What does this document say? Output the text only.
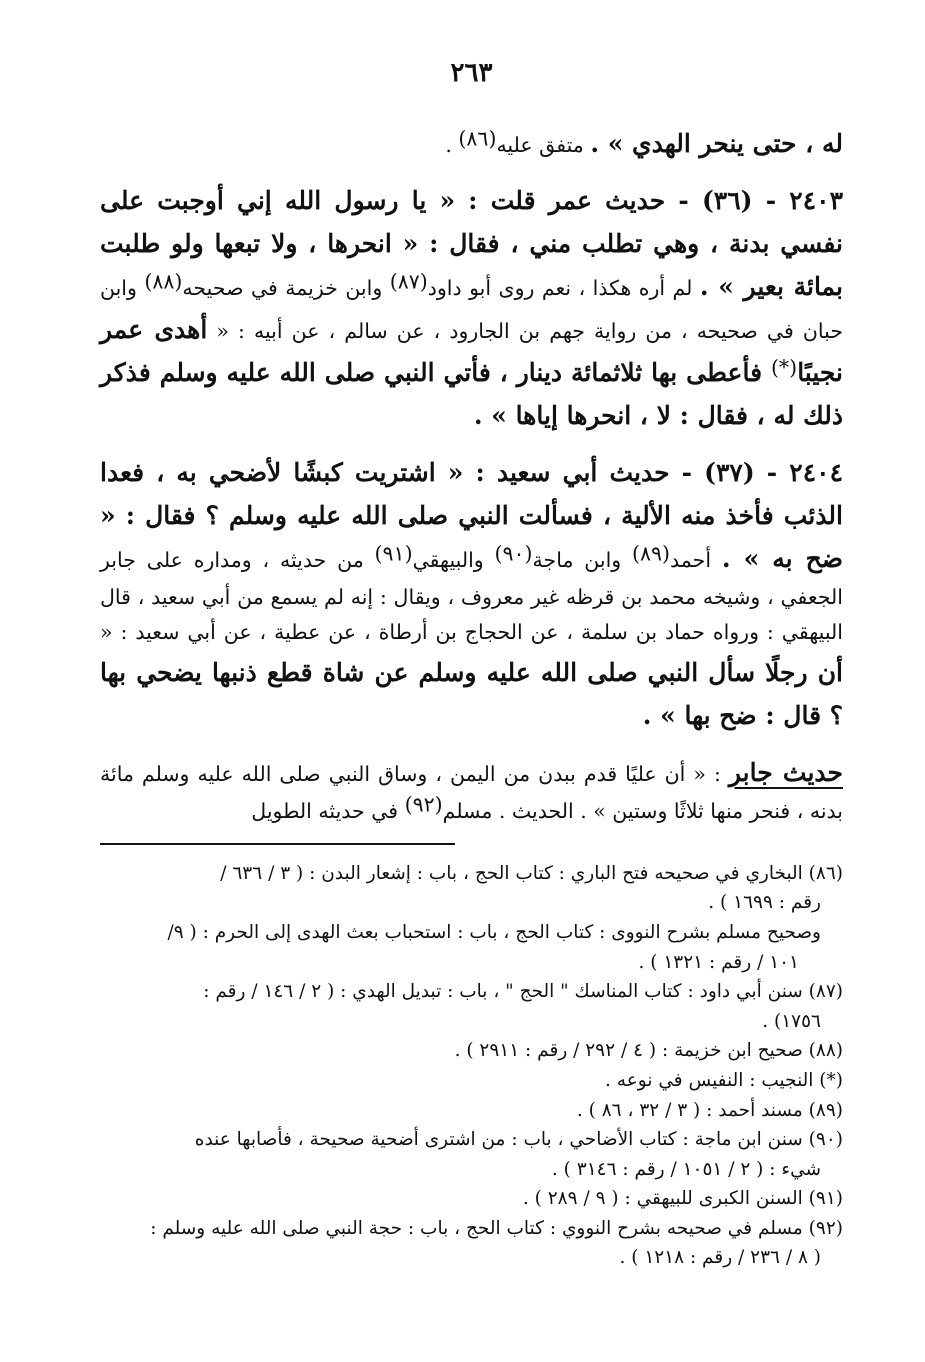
٢٦٣

له ، حتى ينحر الهدي » . متفق عليه$^{(٨٦)}$ .

٢٤٠٣ - (٣٦) - حديث عمر قلت : « يا رسول الله إني أوجبت على نفسي بدنة ، وهي تطلب مني ، فقال : « انحرها ، ولا تبعها ولو طلبت بمائة بعير » . لم أره هكذا ، نعم روى أبو داود$^{(٨٧)}$ وابن خزيمة في صحيحه$^{(٨٨)}$ وابن حبان في صحيحه ، من رواية جهم بن الجارود ، عن سالم ، عن أبيه : « أهدى عمر نجيبًا(*) فأعطى بها ثلاثمائة دينار ، فأتي النبي صلى الله عليه وسلم فذكر ذلك له ، فقال : لا ، انحرها إياها » .

٢٤٠٤ - (٣٧) - حديث أبي سعيد : « اشتريت كبشًا لأضحي به ، فعدا الذئب فأخذ منه الألية ، فسألت النبي صلى الله عليه وسلم ؟ فقال : « ضح به » . أحمد$^{(٨٩)}$ وابن ماجة$^{(٩٠)}$ والبيهقي$^{(٩١)}$ من حديثه ، ومداره على جابر الجعفي ، وشيخه محمد بن قرظه غير معروف ، ويقال : إنه لم يسمع من أبي سعيد ، قال البيهقي : ورواه حماد بن سلمة ، عن الحجاج بن أرطاة ، عن عطية ، عن أبي سعيد : « أن رجلًا سأل النبي صلى الله عليه وسلم عن شاة قطع ذنبها يضحي بها ؟ قال : ضح بها » .

حديث جابر : « أن عليًا قدم ببدن من اليمن ، وساق النبي صلى الله عليه وسلم مائة بدنه ، فنحر منها ثلاثًا وستين » . الحديث . مسلم$^{(٩٢)}$ في حديثه الطويل

(٨٦) البخاري في صحيحه فتح الباري : كتاب الحج ، باب : إشعار البدن : ( ٣ / ٦٣٦ /
رقم : ١٦٩٩ ) .

وصحيح مسلم بشرح النووى : كتاب الحج ، باب : استحباب بعث الهدى إلى الحرم : ( ٩/
١٠١ / رقم : ١٣٢١ ) .

(٨٧) سنن أبي داود : كتاب المناسك " الحج " ، باب : تبديل الهدي : ( ٢ / ١٤٦ / رقم :
١٧٥٦) .

(٨٨) صحيح ابن خزيمة : ( ٤ / ٢٩٢ / رقم : ٢٩١١ ) .

(*) النجيب : النفيس في نوعه .

(٨٩) مسند أحمد : ( ٣ / ٣٢ ، ٨٦ ) .

(٩٠) سنن ابن ماجة : كتاب الأضاحي ، باب : من اشترى أضحية صحيحة ، فأصابها عنده
شيء : ( ٢ / ١٠٥١ / رقم : ٣١٤٦ ) .

(٩١) السنن الكبرى للبيهقي : ( ٩ / ٢٨٩ ) .

(٩٢) مسلم في صحيحه بشرح النووي : كتاب الحج ، باب : حجة النبي صلى الله عليه وسلم :
( ٨ / ٢٣٦ / رقم : ١٢١٨ ) .
